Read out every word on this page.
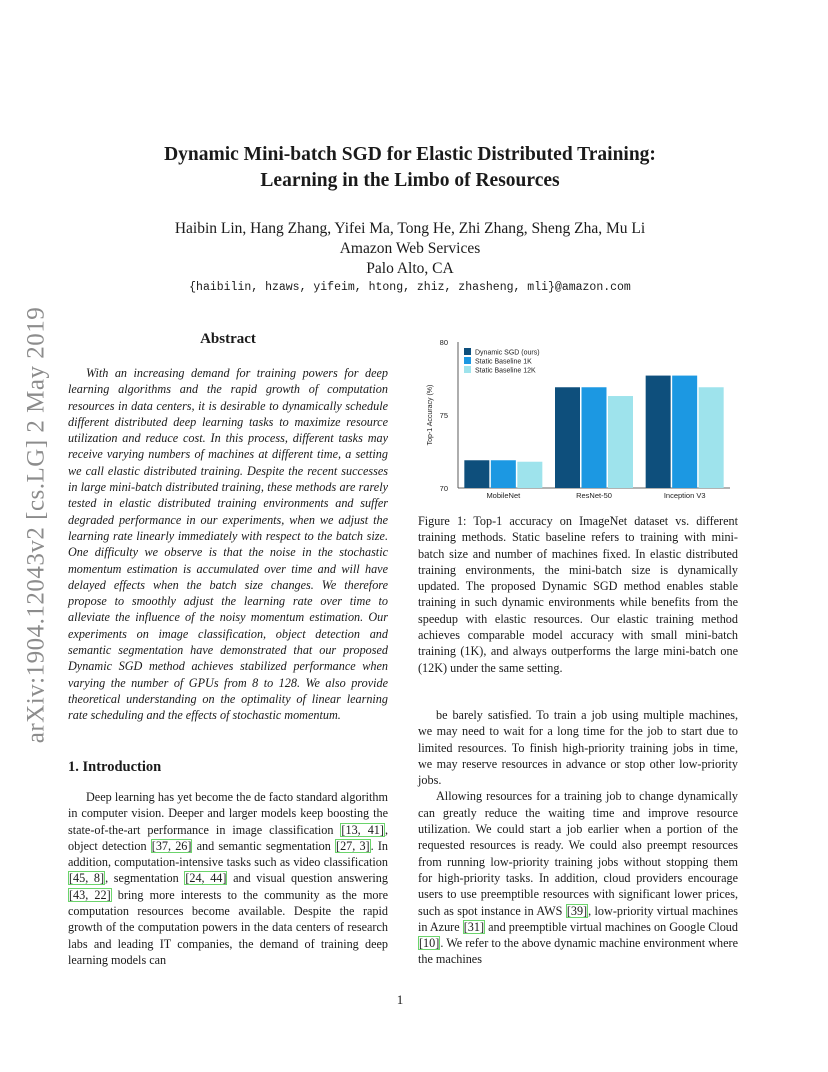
arXiv:1904.12043v2 [cs.LG] 2 May 2019
Dynamic Mini-batch SGD for Elastic Distributed Training:
Learning in the Limbo of Resources
Haibin Lin, Hang Zhang, Yifei Ma, Tong He, Zhi Zhang, Sheng Zha, Mu Li
Amazon Web Services
Palo Alto, CA
{haibilin, hzaws, yifeim, htong, zhiz, zhasheng, mli}@amazon.com
Abstract

With an increasing demand for training powers for deep learning algorithms and the rapid growth of computation resources in data centers, it is desirable to dynamically schedule different distributed deep learning tasks to maximize resource utilization and reduce cost. In this process, different tasks may receive varying numbers of machines at different time, a setting we call elastic distributed training. Despite the recent successes in large mini-batch distributed training, these methods are rarely tested in elastic distributed training environments and suffer degraded performance in our experiments, when we adjust the learning rate linearly immediately with respect to the batch size. One difficulty we observe is that the noise in the stochastic momentum estimation is accumulated over time and will have delayed effects when the batch size changes. We therefore propose to smoothly adjust the learning rate over time to alleviate the influence of the noisy momentum estimation. Our experiments on image classification, object detection and semantic segmentation have demonstrated that our proposed Dynamic SGD method achieves stabilized performance when varying the number of GPUs from 8 to 128. We also provide theoretical understanding on the optimality of linear learning rate scheduling and the effects of stochastic momentum.

1. Introduction

Deep learning has yet become the de facto standard algorithm in computer vision. Deeper and larger models keep boosting the state-of-the-art performance in image classification [13, 41], object detection [37, 26] and semantic segmentation [27, 3]. In addition, computation-intensive tasks such as video classification [45, 8], segmentation [24, 44] and visual question answering [43, 22] bring more interests to the community as the more computation resources become available. Despite the rapid growth of the computation powers in the data centers of research labs and leading IT companies, the demand of training deep learning models can

70
75
80
Top-1 Accuracy (%)
MobileNet	ResNet-50	Inception V3
Dynamic SGD (ours)
Static Baseline 1K
Static Baseline 12K
Figure 1: Top-1 accuracy on ImageNet dataset vs. different training methods. Static baseline refers to training with mini-batch size and number of machines fixed. In elastic distributed training environments, the mini-batch size is dynamically updated. The proposed Dynamic SGD method enables stable training in such dynamic environments while benefits from the speedup with elastic resources. Our elastic training method achieves comparable model accuracy with small mini-batch training (1K), and always outperforms the large mini-batch one (12K) under the same setting.

be barely satisfied. To train a job using multiple machines, we may need to wait for a long time for the job to start due to limited resources. To finish high-priority training jobs in time, we may reserve resources in advance or stop other low-priority jobs.

Allowing resources for a training job to change dynamically can greatly reduce the waiting time and improve resource utilization. We could start a job earlier when a portion of the requested resources is ready. We could also preempt resources from running low-priority training jobs without stopping them for high-priority tasks. In addition, cloud providers encourage users to use preemptible resources with significant lower prices, such as spot instance in AWS [39], low-priority virtual machines in Azure [31] and preemptible virtual machines on Google Cloud [10]. We refer to the above dynamic machine environment where the machines

1
